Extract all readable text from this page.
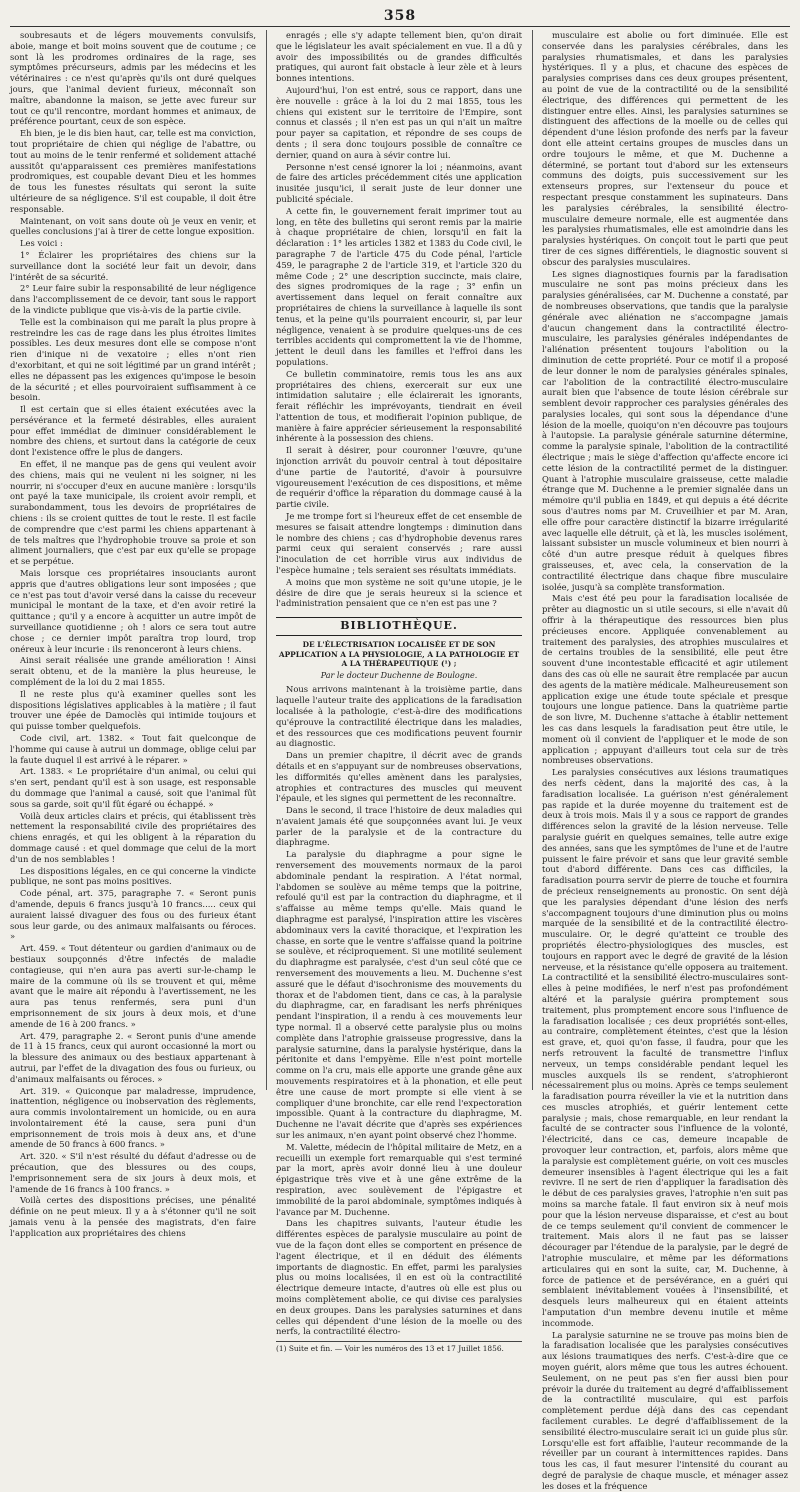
358

soubresauts et de légers mouvements convulsifs, aboie, mange et boit moins souvent que de coutume ; ce sont là les prodromes ordinaires de la rage, ses symptômes précurseurs, admis par les médecins et les vétérinaires : ce n'est qu'après qu'ils ont duré quelques jours, que l'animal devient furieux, méconnaît son maître, abandonne la maison, se jette avec fureur sur tout ce qu'il rencontre, mordant hommes et animaux, de préférence pourtant, ceux de son espèce.

Eh bien, je le dis bien haut, car, telle est ma conviction, tout propriétaire de chien qui néglige de l'abattre, ou tout au moins de le tenir renfermé et solidement attaché aussitôt qu'apparaissent ces premières manifestations prodromiques, est coupable devant Dieu et les hommes de tous les funestes résultats qui seront la suite ultérieure de sa négligence. S'il est coupable, il doit être responsable.

Maintenant, on voit sans doute où je veux en venir, et quelles conclusions j'ai à tirer de cette longue exposition.

Les voici :

1° Éclairer les propriétaires des chiens sur la surveillance dont la société leur fait un devoir, dans l'intérêt de sa sécurité.

2° Leur faire subir la responsabilité de leur négligence dans l'accomplissement de ce devoir, tant sous le rapport de la vindicte publique que vis-à-vis de la partie civile.

Telle est la combinaison qui me paraît la plus propre à restreindre les cas de rage dans les plus étroites limites possibles. Les deux mesures dont elle se compose n'ont rien d'inique ni de vexatoire ; elles n'ont rien d'exorbitant, et qui ne soit légitimé par un grand intérêt ; elles ne dépassent pas les exigences qu'impose le besoin de la sécurité ; et elles pourvoiraient suffisamment à ce besoin.

Il est certain que si elles étaient exécutées avec la persévérance et la fermeté désirables, elles auraient pour effet immédiat de diminuer considérablement le nombre des chiens, et surtout dans la catégorie de ceux dont l'existence offre le plus de dangers.

En effet, il ne manque pas de gens qui veulent avoir des chiens, mais qui ne veulent ni les soigner, ni les nourrir, ni s'occuper d'eux en aucune manière : lorsqu'ils ont payé la taxe municipale, ils croient avoir rempli, et surabondamment, tous les devoirs de propriétaires de chiens : ils se croient quittes de tout le reste. Il est facile de comprendre que c'est parmi les chiens appartenant à de tels maîtres que l'hydrophobie trouve sa proie et son aliment journaliers, que c'est par eux qu'elle se propage et se perpétue.

Mais lorsque ces propriétaires insouciants auront appris que d'autres obligations leur sont imposées ; que ce n'est pas tout d'avoir versé dans la caisse du receveur municipal le montant de la taxe, et d'en avoir retiré la quittance ; qu'il y a encore à acquitter un autre impôt de surveillance quotidienne ; oh ! alors ce sera tout autre chose ; ce dernier impôt paraîtra trop lourd, trop onéreux à leur incurie : ils renonceront à leurs chiens.

Ainsi serait réalisée une grande amélioration ! Ainsi serait obtenu, et de la manière la plus heureuse, le complément de la loi du 2 mai 1855.

Il ne reste plus qu'à examiner quelles sont les dispositions législatives applicables à la matière ; il faut trouver une épée de Damoclès qui intimide toujours et qui puisse tomber quelquefois.

Code civil, art. 1382. « Tout fait quelconque de l'homme qui cause à autrui un dommage, oblige celui par la faute duquel il est arrivé à le réparer. »

Art. 1383. « Le propriétaire d'un animal, ou celui qui s'en sert, pendant qu'il est à son usage, est responsable du dommage que l'animal a causé, soit que l'animal fût sous sa garde, soit qu'il fût égaré ou échappé. »

Voilà deux articles clairs et précis, qui établissent très nettement la responsabilité civile des propriétaires des chiens enragés, et qui les obligent à la réparation du dommage causé : et quel dommage que celui de la mort d'un de nos semblables !

Les dispositions légales, en ce qui concerne la vindicte publique, ne sont pas moins positives.

Code pénal, art. 375, paragraphe 7. « Seront punis d'amende, depuis 6 francs jusqu'à 10 francs..... ceux qui auraient laissé divaguer des fous ou des furieux étant sous leur garde, ou des animaux malfaisants ou féroces. »

Art. 459. « Tout détenteur ou gardien d'animaux ou de bestiaux soupçonnés d'être infectés de maladie contagieuse, qui n'en aura pas averti sur-le-champ le maire de la commune où ils se trouvent et qui, même avant que le maire ait répondu à l'avertissement, ne les aura pas tenus renfermés, sera puni d'un emprisonnement de six jours à deux mois, et d'une amende de 16 à 200 francs. »

Art. 479, paragraphe 2. « Seront punis d'une amende de 11 à 15 francs, ceux qui auront occasionné la mort ou la blessure des animaux ou des bestiaux appartenant à autrui, par l'effet de la divagation des fous ou furieux, ou d'animaux malfaisants ou féroces. »

Art. 319. « Quiconque par maladresse, imprudence, inattention, négligence ou inobservation des règlements, aura commis involontairement un homicide, ou en aura involontairement été la cause, sera puni d'un emprisonnement de trois mois à deux ans, et d'une amende de 50 francs à 600 francs. »

Art. 320. « S'il n'est résulté du défaut d'adresse ou de précaution, que des blessures ou des coups, l'emprisonnement sera de six jours à deux mois, et l'amende de 16 francs à 100 francs. »

Voilà certes des dispositions précises, une pénalité définie on ne peut mieux. Il y a à s'étonner qu'il ne soit jamais venu à la pensée des magistrats, d'en faire l'application aux propriétaires des chiens

enragés ; elle s'y adapte tellement bien, qu'on dirait que le législateur les avait spécialement en vue. Il a dû y avoir des impossibilités ou de grandes difficultés pratiques, qui auront fait obstacle à leur zèle et à leurs bonnes intentions.

Aujourd'hui, l'on est entré, sous ce rapport, dans une ère nouvelle : grâce à la loi du 2 mai 1855, tous les chiens qui existent sur le territoire de l'Empire, sont connus et classés ; il n'en est pas un qui n'ait un maître pour payer sa capitation, et répondre de ses coups de dents ; il sera donc toujours possible de connaître ce dernier, quand on aura à sévir contre lui.

Personne n'est censé ignorer la loi ; néanmoins, avant de faire des articles précédemment cités une application inusitée jusqu'ici, il serait juste de leur donner une publicité spéciale.

A cette fin, le gouvernement ferait imprimer tout au long, en tête des bulletins qui seront remis par la mairie à chaque propriétaire de chien, lorsqu'il en fait la déclaration : 1° les articles 1382 et 1383 du Code civil, le paragraphe 7 de l'article 475 du Code pénal, l'article 459, le paragraphe 2 de l'article 319, et l'article 320 du même Code ; 2° une description succincte, mais claire, des signes prodromiques de la rage ; 3° enfin un avertissement dans lequel on ferait connaître aux propriétaires de chiens la surveillance à laquelle ils sont tenus, et la peine qu'ils pourraient encourir, si, par leur négligence, venaient à se produire quelques-uns de ces terribles accidents qui compromettent la vie de l'homme, jettent le deuil dans les familles et l'effroi dans les populations.

Ce bulletin comminatoire, remis tous les ans aux propriétaires des chiens, exercerait sur eux une intimidation salutaire ; elle éclairerait les ignorants, ferait réfléchir les imprévoyants, tiendrait en éveil l'attention de tous, et modifierait l'opinion publique, de manière à faire apprécier sérieusement la responsabilité inhérente à la possession des chiens.

Il serait à désirer, pour couronner l'œuvre, qu'une injonction arrivât du pouvoir central à tout dépositaire d'une partie de l'autorité, d'avoir à poursuivre vigoureusement l'exécution de ces dispositions, et même de requérir d'office la réparation du dommage causé à la partie civile.

Je me trompe fort si l'heureux effet de cet ensemble de mesures se faisait attendre longtemps : diminution dans le nombre des chiens ; cas d'hydrophobie devenus rares parmi ceux qui seraient conservés ; rare aussi l'inoculation de cet horrible virus aux individus de l'espèce humaine ; tels seraient ses résultats immédiats.

A moins que mon système ne soit qu'une utopie, je le désire de dire que je serais heureux si la science et l'administration pensaient que ce n'en est pas une ?

BIBLIOTHÈQUE.
DE L'ÉLECTRISATION LOCALISÉE ET DE SON APPLICATION A LA PHYSIOLOGIE, A LA PATHOLOGIE ET A LA THÉRAPEUTIQUE (¹) ;
Par le docteur Duchenne de Boulogne.

Nous arrivons maintenant à la troisième partie, dans laquelle l'auteur traite des applications de la faradisation localisée à la pathologie, c'est-à-dire des modifications qu'éprouve la contractilité électrique dans les maladies, et des ressources que ces modifications peuvent fournir au diagnostic.

Dans un premier chapitre, il décrit avec de grands détails et en s'appuyant sur de nombreuses observations, les difformités qu'elles amènent dans les paralysies, atrophies et contractures des muscles qui meuvent l'épaule, et les signes qui permettent de les reconnaître.

Dans le second, il trace l'histoire de deux maladies qui n'avaient jamais été que soupçonnées avant lui. Je veux parler de la paralysie et de la contracture du diaphragme.

La paralysie du diaphragme a pour signe le renversement des mouvements normaux de la paroi abdominale pendant la respiration. A l'état normal, l'abdomen se soulève au même temps que la poitrine, refoulé qu'il est par la contraction du diaphragme, et il s'affaisse au même temps qu'elle. Mais quand le diaphragme est paralysé, l'inspiration attire les viscères abdominaux vers la cavité thoracique, et l'expiration les chasse, en sorte que le ventre s'affaisse quand la poitrine se soulève, et réciproquement. Si une motilité seulement du diaphragme est paralysée, c'est d'un seul côté que ce renversement des mouvements a lieu. M. Duchenne s'est assuré que le défaut d'isochronisme des mouvements du thorax et de l'abdomen tient, dans ce cas, à la paralysie du diaphragme, car, en faradisant les nerfs phréniques pendant l'inspiration, il a rendu à ces mouvements leur type normal. Il a observé cette paralysie plus ou moins complète dans l'atrophie graisseuse progressive, dans la paralysie saturnine, dans la paralysie hystérique, dans la péritonite et dans l'empyème. Elle n'est point mortelle comme on l'a cru, mais elle apporte une grande gêne aux mouvements respiratoires et à la phonation, et elle peut être une cause de mort prompte si elle vient à se compliquer d'une bronchite, car elle rend l'expectoration impossible. Quant à la contracture du diaphragme, M. Duchenne ne l'avait décrite que d'après ses expériences sur les animaux, n'en ayant point observé chez l'homme.

M. Valette, médecin de l'hôpital militaire de Metz, en a recueilli un exemple fort remarquable qui s'est terminé par la mort, après avoir donné lieu à une douleur épigastrique très vive et à une gêne extrême de la respiration, avec soulèvement de l'épigastre et immobilité de la paroi abdominale, symptômes indiqués à l'avance par M. Duchenne.

Dans les chapitres suivants, l'auteur étudie les différentes espèces de paralysie musculaire au point de vue de la façon dont elles se comportent en présence de l'agent électrique, et il en déduit des éléments importants de diagnostic. En effet, parmi les paralysies plus ou moins localisées, il en est où la contractilité électrique demeure intacte, d'autres où elle est plus ou moins complètement abolie, ce qui divise ces paralysies en deux groupes. Dans les paralysies saturnines et dans celles qui dépendent d'une lésion de la moelle ou des nerfs, la contractilité électro-

(1) Suite et fin. — Voir les numéros des 13 et 17 Juillet 1856.

musculaire est abolie ou fort diminuée. Elle est conservée dans les paralysies cérébrales, dans les paralysies rhumatismales, et dans les paralysies hystériques. Il y a plus, et chacune des espèces de paralysies comprises dans ces deux groupes présentent, au point de vue de la contractilité ou de la sensibilité électrique, des différences qui permettent de les distinguer entre elles. Ainsi, les paralysies saturnines se distinguent des affections de la moelle ou de celles qui dépendent d'une lésion profonde des nerfs par la faveur dont elle atteint certains groupes de muscles dans un ordre toujours le même, et que M. Duchenne a déterminé, se portant tout d'abord sur les extenseurs communs des doigts, puis successivement sur les extenseurs propres, sur l'extenseur du pouce et respectant presque constamment les supinateurs. Dans les paralysies cérébrales, la sensibilité électro-musculaire demeure normale, elle est augmentée dans les paralysies rhumatismales, elle est amoindrie dans les paralysies hystériques. On conçoit tout le parti que peut tirer de ces signes différentiels, le diagnostic souvent si obscur des paralysies musculaires.

Les signes diagnostiques fournis par la faradisation musculaire ne sont pas moins précieux dans les paralysies généralisées, car M. Duchenne a constaté, par de nombreuses observations, que tandis que la paralysie générale avec aliénation ne s'accompagne jamais d'aucun changement dans la contractilité électro-musculaire, les paralysies générales indépendantes de l'aliénation présentent toujours l'abolition ou la diminution de cette propriété. Pour ce motif il a proposé de leur donner le nom de paralysies générales spinales, car l'abolition de la contractilité électro-musculaire aurait bien que l'absence de toute lésion cérébrale sur semblent devoir rapprocher ces paralysies générales des paralysies locales, qui sont sous la dépendance d'une lésion de la moelle, quoiqu'on n'en découvre pas toujours à l'autopsie. La paralysie générale saturnine détermine, comme la paralysie spinale, l'abolition de la contractilité électrique ; mais le siège d'affection qu'affecte encore ici cette lésion de la contractilité permet de la distinguer. Quant à l'atrophie musculaire graisseuse, cette maladie étrange que M. Duchenne a le premier signalée dans un mémoire qu'il publia en 1849, et qui depuis a été décrite sous d'autres noms par M. Cruveilhier et par M. Aran, elle offre pour caractère distinctif la bizarre irrégularité avec laquelle elle détruit, çà et là, les muscles isolément, laissant subsister un muscle volumineux et bien nourri à côté d'un autre presque réduit à quelques fibres graisseuses, et, avec cela, la conservation de la contractilité électrique dans chaque fibre musculaire isolée, jusqu'à sa complète transformation.

Mais c'est été peu pour la faradisation localisée de prêter au diagnostic un si utile secours, si elle n'avait dû offrir à la thérapeutique des ressources bien plus précieuses encore. Appliquée convenablement au traitement des paralysies, des atrophies musculaires et de certains troubles de la sensibilité, elle peut être souvent d'une incontestable efficacité et agir utilement dans des cas où elle ne saurait être remplacée par aucun des agents de la matière médicale. Malheureusement son application exige une étude toute spéciale et presque toujours une longue patience. Dans la quatrième partie de son livre, M. Duchenne s'attache à établir nettement les cas dans lesquels la faradisation peut être utile, le moment où il convient de l'appliquer et le mode de son application ; appuyant d'ailleurs tout cela sur de très nombreuses observations.

Les paralysies consécutives aux lésions traumatiques des nerfs cèdent, dans la majorité des cas, à la faradisation localisée. La guérison n'est généralement pas rapide et la durée moyenne du traitement est de deux à trois mois. Mais il y a sous ce rapport de grandes différences selon la gravité de la lésion nerveuse. Telle paralysie guérit en quelques semaines, telle autre exige des années, sans que les symptômes de l'une et de l'autre puissent le faire prévoir et sans que leur gravité semble tout d'abord différente. Dans ces cas difficiles, la faradisation pourra servir de pierre de touche et fournira de précieux renseignements au pronostic. On sent déjà que les paralysies dépendant d'une lésion des nerfs s'accompagnent toujours d'une diminution plus ou moins marquée de la sensibilité et de la contractilité électro-musculaire. Or, le degré qu'atteint ce trouble des propriétés électro-physiologiques des muscles, est toujours en rapport avec le degré de gravité de la lésion nerveuse, et la résistance qu'elle opposera au traitement. La contractilité et la sensibilité électro-musculaires sont-elles à peine modifiées, le nerf n'est pas profondément altéré et la paralysie guérira promptement sous traitement, plus promptement encore sous l'influence de la faradisation localisée ; ces deux propriétés sont-elles, au contraire, complètement éteintes, c'est que la lésion est grave, et, quoi qu'on fasse, il faudra, pour que les nerfs retrouvent la faculté de transmettre l'influx nerveux, un temps considérable pendant lequel les muscles auxquels ils se rendent, s'atrophieront nécessairement plus ou moins. Après ce temps seulement la faradisation pourra réveiller la vie et la nutrition dans ces muscles atrophiés, et guérir lentement cette paralysie ; mais, chose remarquable, en leur rendant la faculté de se contracter sous l'influence de la volonté, l'électricité, dans ce cas, demeure incapable de provoquer leur contraction, et, parfois, alors même que la paralysie est complètement guérie, on voit ces muscles demeurer insensibles à l'agent électrique qui les a fait revivre. Il ne sert de rien d'appliquer la faradisation dès le début de ces paralysies graves, l'atrophie n'en suit pas moins sa marche fatale. Il faut environ six à neuf mois pour que la lésion nerveuse disparaisse, et c'est au bout de ce temps seulement qu'il convient de commencer le traitement. Mais alors il ne faut pas se laisser décourager par l'étendue de la paralysie, par le degré de l'atrophie musculaire, et même par les déformations articulaires qui en sont la suite, car, M. Duchenne, à force de patience et de persévérance, en a guéri qui semblaient inévitablement vouées à l'insensibilité, et desquels leurs malheureux qui en étaient atteints l'amputation d'un membre devenu inutile et même incommode.

La paralysie saturnine ne se trouve pas moins bien de la faradisation localisée que les paralysies consécutives aux lésions traumatiques des nerfs. C'est-à-dire que ce moyen guérit, alors même que tous les autres échouent. Seulement, on ne peut pas s'en fier aussi bien pour prévoir la durée du traitement au degré d'affaiblissement de la contractilité musculaire, qui est parfois complètement perdue déjà dans des cas cependant facilement curables. Le degré d'affaiblissement de la sensibilité électro-musculaire serait ici un guide plus sûr. Lorsqu'elle est fort affaiblie, l'auteur recommande de la réveiller par un courant à intermittences rapides. Dans tous les cas, il faut mesurer l'intensité du courant au degré de paralysie de chaque muscle, et ménager assez les doses et la fréquence
